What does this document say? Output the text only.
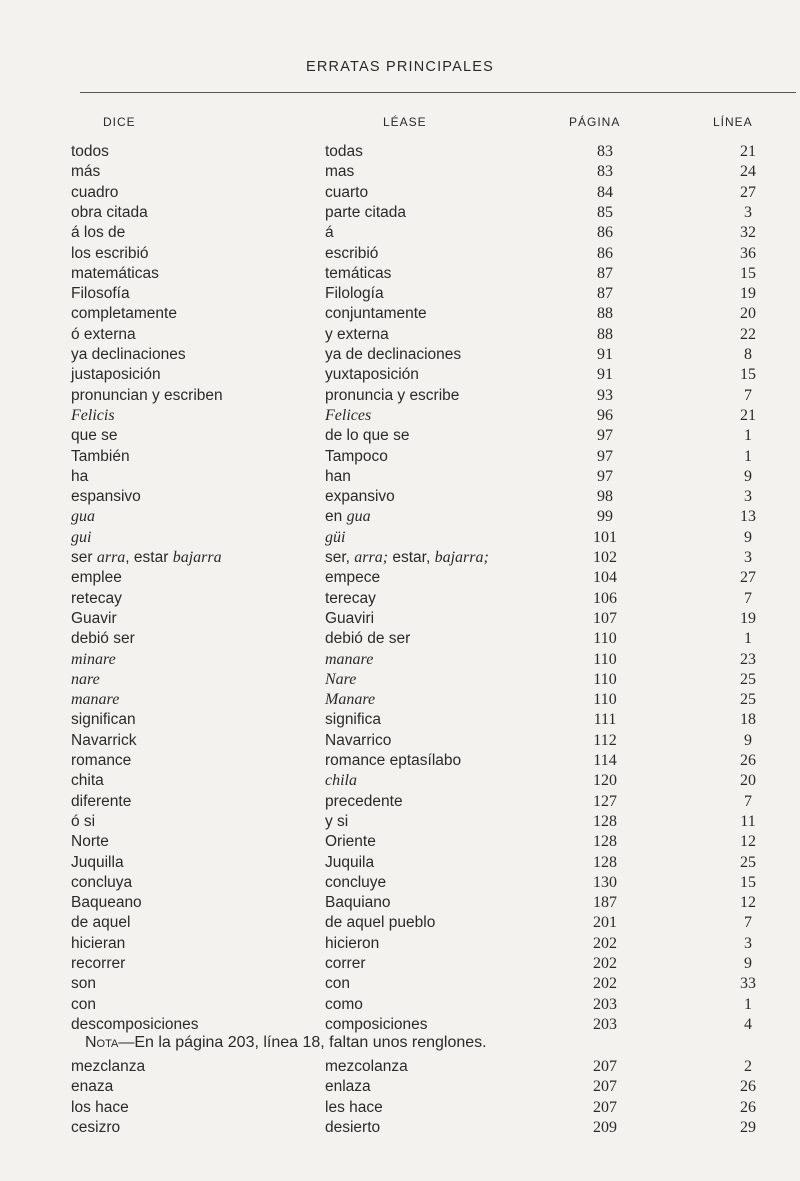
ERRATAS PRINCIPALES
DICE	LÉASE	PÁGINA	LÍNEA
todos	todas	83	21
más	mas	83	24
cuadro	cuarto	84	27
obra citada	parte citada	85	3
á los de	á	86	32
los escribió	escribió	86	36
matemáticas	temáticas	87	15
Filosofía	Filología	87	19
completamente	conjuntamente	88	20
ó externa	y externa	88	22
ya declinaciones	ya de declinaciones	91	8
justaposición	yuxtaposición	91	15
pronuncian y escriben	pronuncia y escribe	93	7
Felicis	Felices	96	21
que se	de lo que se	97	1
También	Tampoco	97	1
ha	han	97	9
espansivo	expansivo	98	3
gua	en gua	99	13
gui	güi	101	9
ser arra, estar bajarra	ser, arra; estar, bajarra;	102	3
emplee	empece	104	27
retecay	terecay	106	7
Guavir	Guaviri	107	19
debió ser	debió de ser	110	1
minare	manare	110	23
nare	Nare	110	25
manare	Manare	110	25
significan	significa	111	18
Navarrick	Navarrico	112	9
romance	romance eptasílabo	114	26
chita	chila	120	20
diferente	precedente	127	7
ó si	y si	128	11
Norte	Oriente	128	12
Juquilla	Juquila	128	25
concluya	concluye	130	15
Baqueano	Baquiano	187	12
de aquel	de aquel pueblo	201	7
hicieran	hicieron	202	3
recorrer	correr	202	9
son	con	202	33
con	como	203	1
descomposiciones	composiciones	203	4
Nota—En la página 203, línea 18, faltan unos renglones.
mezclanza	mezcolanza	207	2
enaza	enlaza	207	26
los hace	les hace	207	26
cesizro	desierto	209	29
